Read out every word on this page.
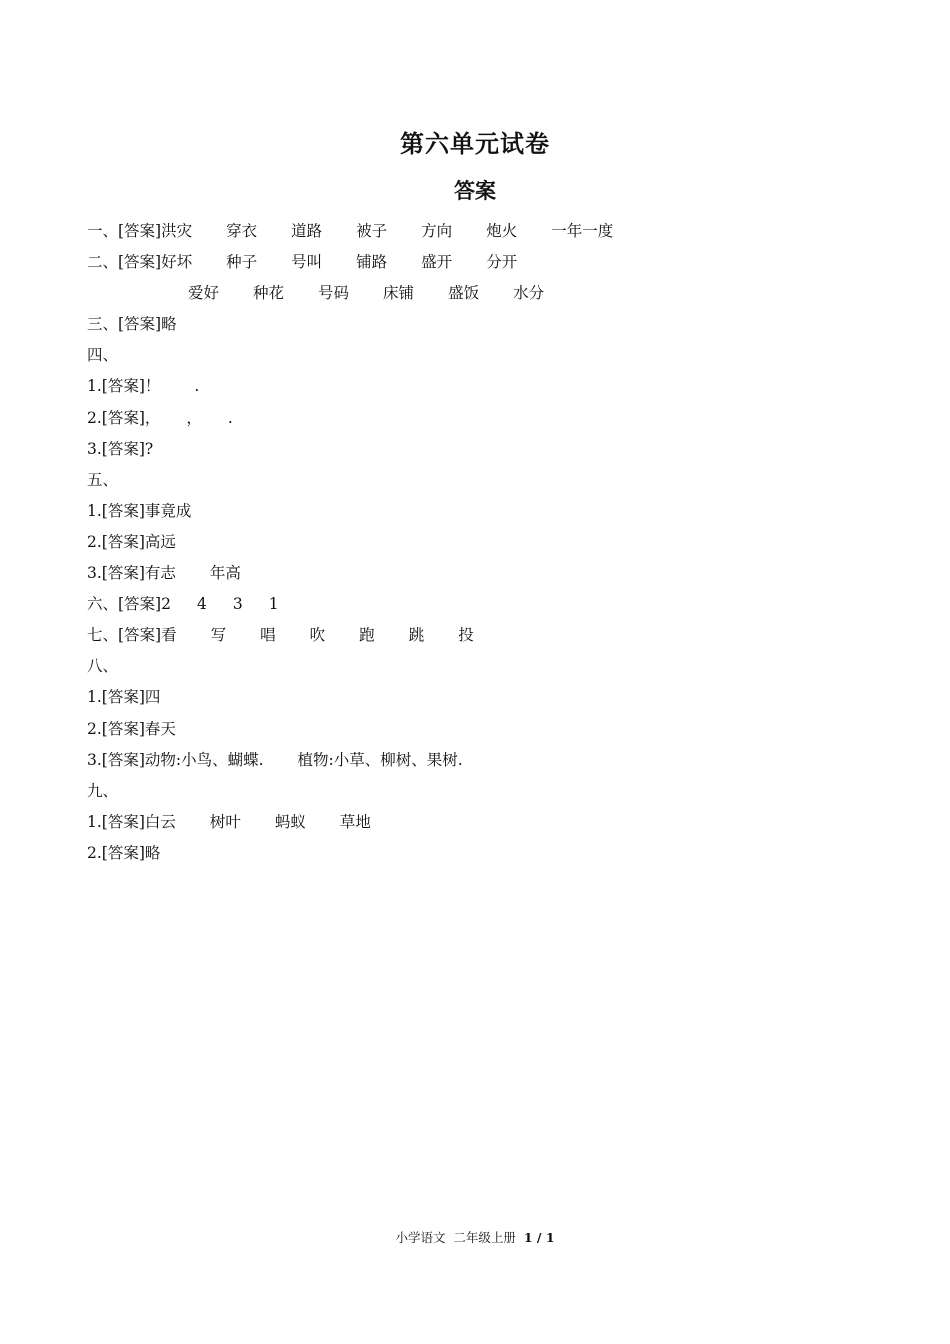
第六单元试卷
答案
一、[答案]洪灾 穿衣 道路 被子 方向 炮火 一年一度
二、[答案]好坏 种子 号叫 铺路 盛开 分开
爱好 种花 号码 床铺 盛饭 水分
三、[答案]略
四、
1.[答案]！ .
2.[答案]， ， .
3.[答案]?
五、
1.[答案]事竟成
2.[答案]高远
3.[答案]有志 年高
六、[答案]2 4 3 1
七、[答案]看 写 唱 吹 跑 跳 投
八、
1.[答案]四
2.[答案]春天
3.[答案]动物:小鸟、蝴蝶. 植物:小草、柳树、果树.
九、
1.[答案]白云 树叶 蚂蚁 草地
2.[答案]略
小学语文 二年级上册 1 / 1
